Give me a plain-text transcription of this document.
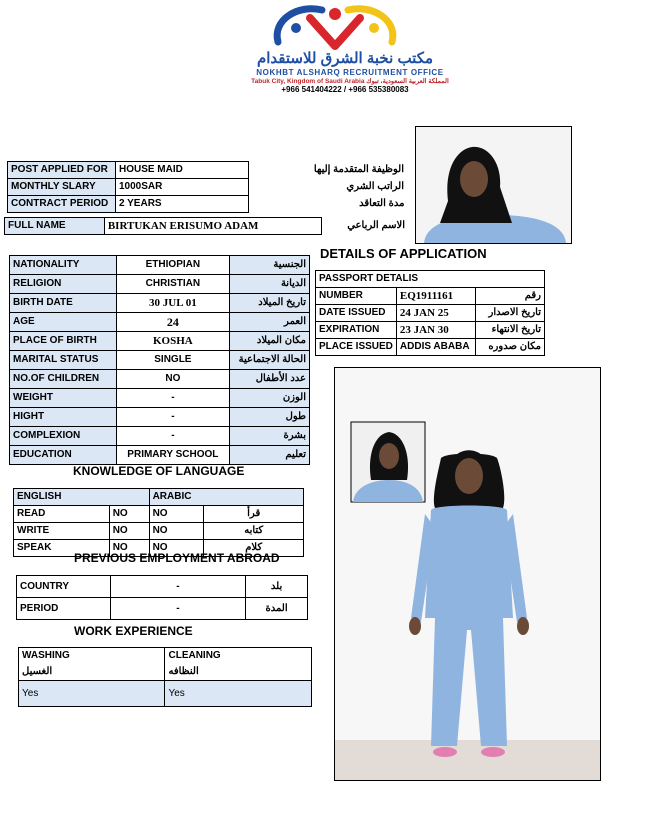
مكتب نخبة الشرق للاستقدام
NOKHBT ALSHARQ RECRUITMENT OFFICE
Tabuk City, Kingdom of Saudi Arabia المملكة العربية السعودية، تبوك
+966 541404222 / +966 535380083
POST APPLIED FOR	HOUSE MAID	الوظيفة المتقدمة إليها
MONTHLY SLARY	1000SAR	الراتب الشري
CONTRACT PERIOD	2 YEARS	مدة التعاقد
FULL NAME	BIRTUKAN ERISUMO ADAM	الاسم الرباعي
DETAILS OF APPLICATION
NATIONALITY	ETHIOPIAN	الجنسية
RELIGION	CHRISTIAN	الديانة
BIRTH DATE	30 JUL 01	تاريخ الميلاد
AGE	24	العمر
PLACE OF BIRTH	KOSHA	مكان الميلاد
MARITAL STATUS	SINGLE	الحالة الاجتماعية
NO.OF CHILDREN	NO	عدد الأطفال
WEIGHT	-	الوزن
HIGHT	-	طول
COMPLEXION	-	بشرة
EDUCATION	PRIMARY SCHOOL	تعليم
PASSPORT DETALIS		
NUMBER	EQ1911161	رقم
DATE ISSUED	24 JAN 25	تاريخ الاصدار
EXPIRATION	23 JAN 30	تاريخ الانتهاء
PLACE ISSUED	ADDIS ABABA	مكان صدوره
KNOWLEDGE OF LANGUAGE
ENGLISH		ARABIC	
READ	NO	NO	قرأ
WRITE	NO	NO	كتابه
SPEAK	NO	NO	كلام
PREVIOUS EMPLOYMENT ABROAD
COUNTRY	-	بلد
PERIOD	-	المدة
WORK EXPERIENCE
WASHING	CLEANING
الغسيل	النظافه
Yes	Yes
